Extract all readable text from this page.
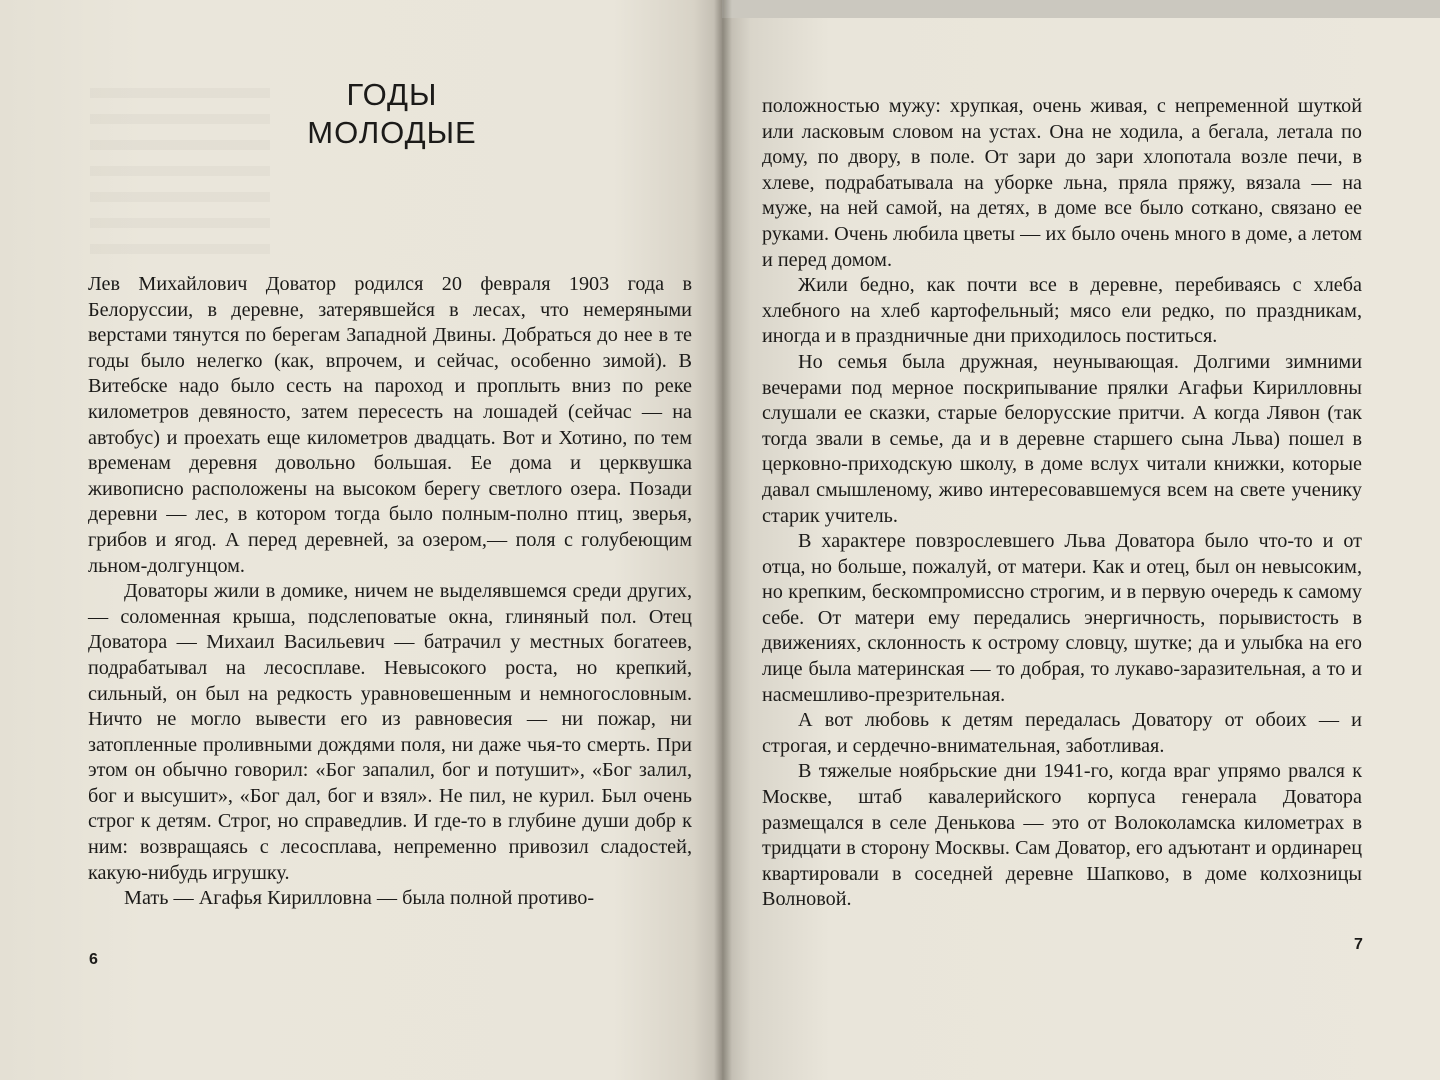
ГОДЫ
МОЛОДЫЕ

Лев Михайлович Доватор родился 20 февраля 1903 года в Белоруссии, в деревне, затерявшейся в лесах, что немеряными верстами тянутся по берегам Западной Двины. Добраться до нее в те годы было нелегко (как, впрочем, и сейчас, особенно зимой). В Витебске надо было сесть на пароход и проплыть вниз по реке километров девяносто, затем пересесть на лошадей (сейчас — на автобус) и проехать еще километров двадцать. Вот и Хотино, по тем временам деревня довольно большая. Ее дома и церквушка живописно расположены на высоком берегу светлого озера. Позади деревни — лес, в котором тогда было полным-полно птиц, зверья, грибов и ягод. А перед деревней, за озером,— поля с голубеющим льном-долгунцом.

Доваторы жили в домике, ничем не выделявшемся среди других,— соломенная крыша, подслеповатые окна, глиняный пол. Отец Доватора — Михаил Васильевич — батрачил у местных богатеев, подрабатывал на лесосплаве. Невысокого роста, но крепкий, сильный, он был на редкость уравновешенным и немногословным. Ничто не могло вывести его из равновесия — ни пожар, ни затопленные проливными дождями поля, ни даже чья-то смерть. При этом он обычно говорил: «Бог запалил, бог и потушит», «Бог залил, бог и высушит», «Бог дал, бог и взял». Не пил, не курил. Был очень строг к детям. Строг, но справедлив. И где-то в глубине души добр к ним: возвращаясь с лесосплава, непременно привозил сладостей, какую-нибудь игрушку.

Мать — Агафья Кирилловна — была полной противо-

6

положностью мужу: хрупкая, очень живая, с непременной шуткой или ласковым словом на устах. Она не ходила, а бегала, летала по дому, по двору, в поле. От зари до зари хлопотала возле печи, в хлеве, подрабатывала на уборке льна, пряла пряжу, вязала — на муже, на ней самой, на детях, в доме все было соткано, связано ее руками. Очень любила цветы — их было очень много в доме, а летом и перед домом.

Жили бедно, как почти все в деревне, перебиваясь с хлеба хлебного на хлеб картофельный; мясо ели редко, по праздникам, иногда и в праздничные дни приходилось поститься.

Но семья была дружная, неунывающая. Долгими зимними вечерами под мерное поскрипывание прялки Агафьи Кирилловны слушали ее сказки, старые белорусские притчи. А когда Лявон (так тогда звали в семье, да и в деревне старшего сына Льва) пошел в церковно-приходскую школу, в доме вслух читали книжки, которые давал смышленому, живо интересовавшемуся всем на свете ученику старик учитель.

В характере повзрослевшего Льва Доватора было что-то и от отца, но больше, пожалуй, от матери. Как и отец, был он невысоким, но крепким, бескомпромиссно строгим, и в первую очередь к самому себе. От матери ему передались энергичность, порывистость в движениях, склонность к острому словцу, шутке; да и улыбка на его лице была материнская — то добрая, то лукаво-заразительная, а то и насмешливо-презрительная.

А вот любовь к детям передалась Доватору от обоих — и строгая, и сердечно-внимательная, заботливая.

В тяжелые ноябрьские дни 1941-го, когда враг упрямо рвался к Москве, штаб кавалерийского корпуса генерала Доватора размещался в селе Денькова — это от Волоколамска километрах в тридцати в сторону Москвы. Сам Доватор, его адъютант и ординарец квартировали в соседней деревне Шапково, в доме колхозницы Волновой.

7
